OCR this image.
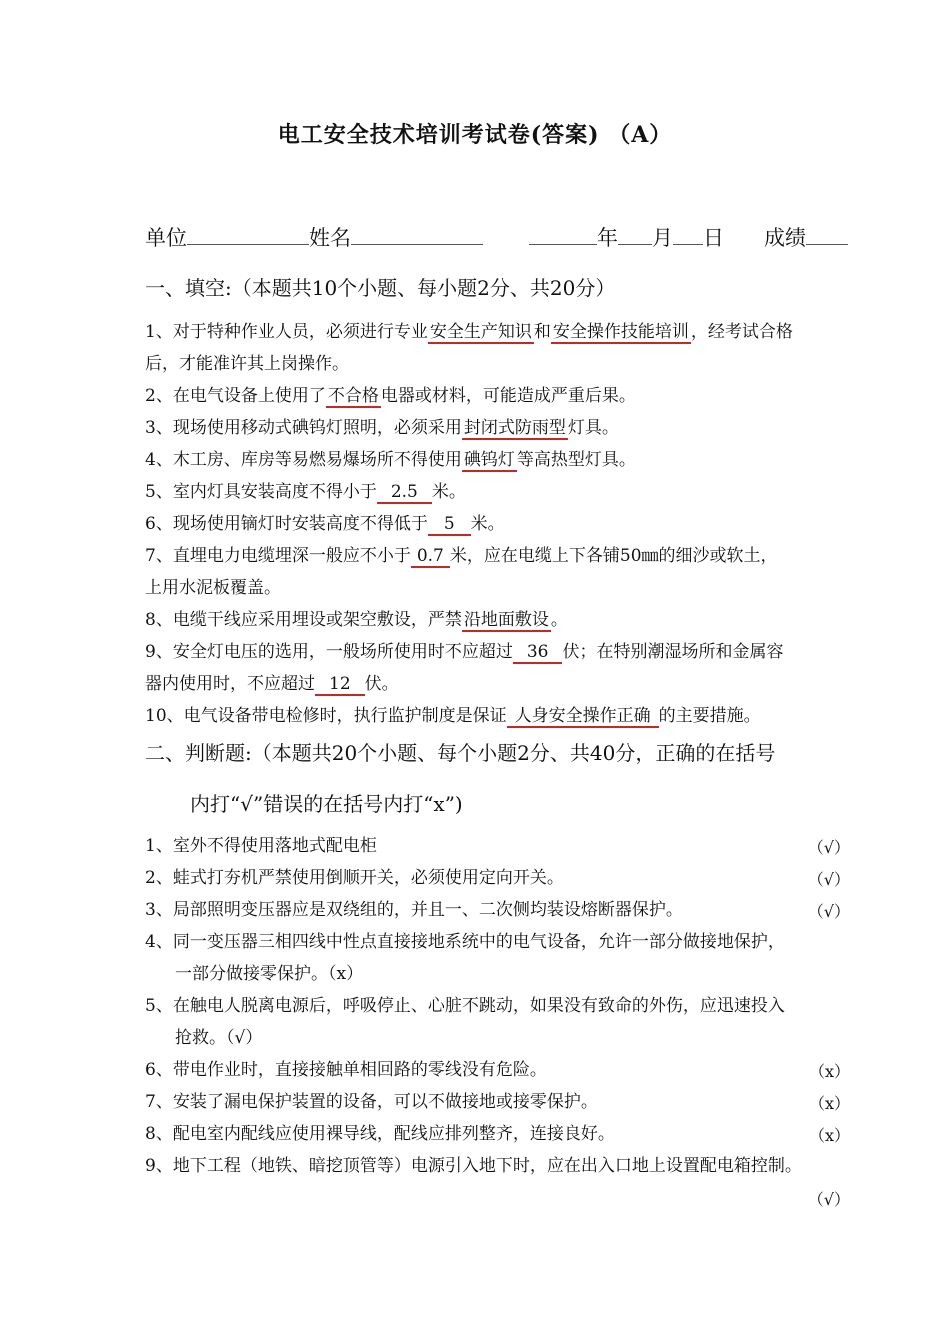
电工安全技术培训考试卷(答案) （A）
单位	姓名	年 月 日 成绩
一、填空:（本题共10个小题、每小题2分、共20分）
1、对于特种作业人员，必须进行专业 安全生产知识 和 安全操作技能培训 ，经考试合格
后，才能准许其上岗操作。
2、在电气设备上使用了 不合格 电器或材料，可能造成严重后果。
3、现场使用移动式碘钨灯照明，必须采用 封闭式防雨型 灯具。
4、木工房、库房等易燃易爆场所不得使用 碘钨灯 等高热型灯具。
5、室内灯具安装高度不得小于 2.5 米。
6、现场使用镝灯时安装高度不得低于 5 米。
7、直埋电力电缆埋深一般应不小于 0.7 米，应在电缆上下各铺50㎜的细沙或软土，
上用水泥板覆盖。
8、电缆干线应采用埋设或架空敷设，严禁 沿地面敷设 。
9、安全灯电压的选用，一般场所使用时不应超过 36 伏；在特别潮湿场所和金属容
器内使用时，不应超过 12 伏。
10、电气设备带电检修时，执行监护制度是保证 人身安全操作正确 的主要措施。
二、判断题:（本题共20个小题、每个小题2分、共40分，正确的在括号
内打“√”错误的在括号内打“x”)
1、室外不得使用落地式配电柜	（√）
2、蛙式打夯机严禁使用倒顺开关，必须使用定向开关。	（√）
3、局部照明变压器应是双绕组的，并且一、二次侧均装设熔断器保护。	（√）
4、同一变压器三相四线中性点直接接地系统中的电气设备，允许一部分做接地保护，
一部分做接零保护。（x）
5、在触电人脱离电源后，呼吸停止、心脏不跳动，如果没有致命的外伤，应迅速投入
抢救。（√）
6、带电作业时，直接接触单相回路的零线没有危险。	（x）
7、安装了漏电保护装置的设备，可以不做接地或接零保护。	（x）
8、配电室内配线应使用裸导线，配线应排列整齐，连接良好。	（x）
9、地下工程（地铁、暗挖顶管等）电源引入地下时，应在出入口地上设置配电箱控制。
（√）
